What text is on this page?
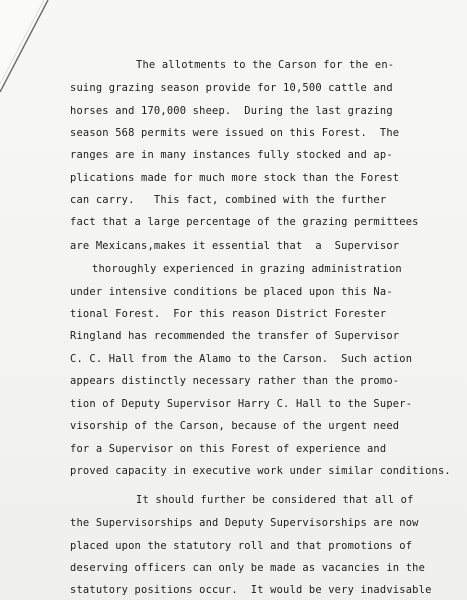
The allotments to the Carson for the en-
suing grazing season provide for 10,500 cattle and
horses and 170,000 sheep.  During the last grazing
season 568 permits were issued on this Forest.  The
ranges are in many instances fully stocked and ap-
plications made for much more stock than the Forest
can carry.   This fact, combined with the further
fact that a large percentage of the grazing permittees
are Mexicans,makes it essential that  a  Supervisor
thoroughly experienced in grazing administration
under intensive conditions be placed upon this Na-
tional Forest.  For this reason District Forester
Ringland has recommended the transfer of Supervisor
C. C. Hall from the Alamo to the Carson.  Such action
appears distinctly necessary rather than the promo-
tion of Deputy Supervisor Harry C. Hall to the Super-
visorship of the Carson, because of the urgent need
for a Supervisor on this Forest of experience and
proved capacity in executive work under similar conditions.
It should further be considered that all of
the Supervisorships and Deputy Supervisorships are now
placed upon the statutory roll and that promotions of
deserving officers can only be made as vacancies in the
statutory positions occur.  It would be very inadvisable
